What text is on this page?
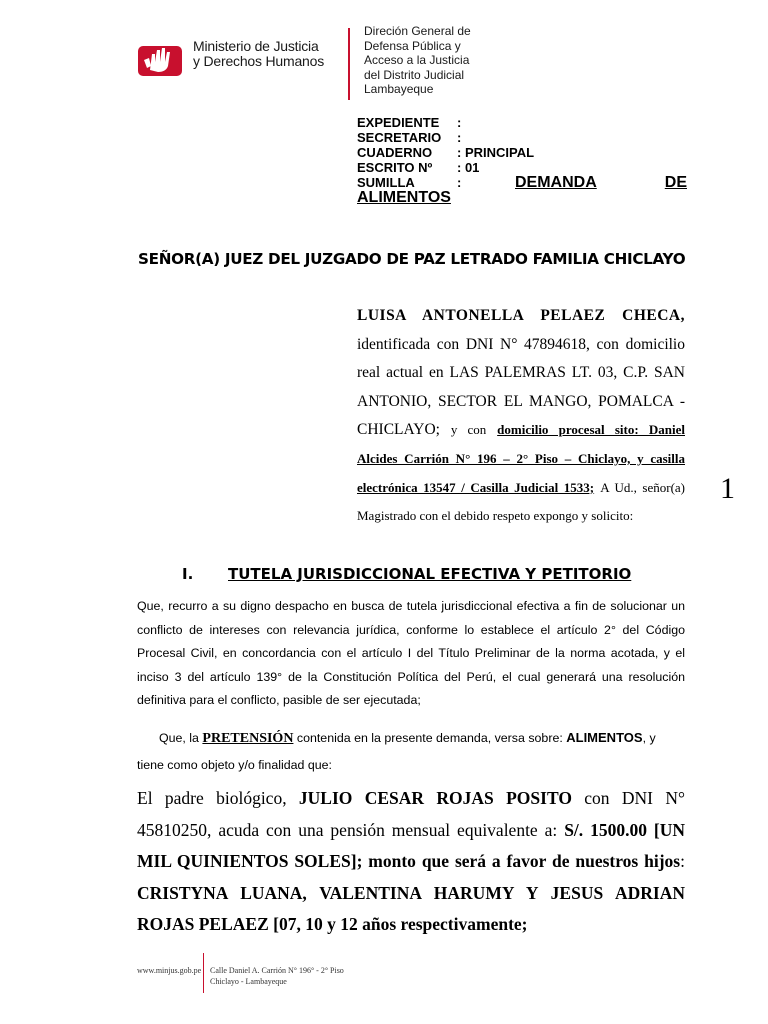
Ministerio de Justicia
y Derechos Humanos
Direción General de
Defensa Pública y
Acceso a la Justicia
del Distrito Judicial
Lambayeque
EXPEDIENTE	:
SECRETARIO	:
CUADERNO	: PRINCIPAL
ESCRITO Nº	: 01
SUMILLA	:	DEMANDA	DE
ALIMENTOS
SEÑOR(A) JUEZ DEL JUZGADO DE PAZ LETRADO FAMILIA CHICLAYO
LUISA ANTONELLA PELAEZ CHECA, identificada con DNI N° 47894618, con domicilio real actual en LAS PALEMRAS LT. 03, C.P. SAN ANTONIO, SECTOR EL MANGO, POMALCA - CHICLAYO; y con domicilio procesal sito: Daniel Alcides Carrión N° 196 – 2° Piso – Chiclayo, y casilla electrónica 13547 / Casilla Judicial 1533; A Ud., señor(a) Magistrado con el debido respeto expongo y solicito:
1
I. TUTELA JURISDICCIONAL EFECTIVA Y PETITORIO
Que, recurro a su digno despacho en busca de tutela jurisdiccional efectiva a fin de solucionar un conflicto de intereses con relevancia jurídica, conforme lo establece el artículo 2° del Código Procesal Civil, en concordancia con el artículo I del Título Preliminar de la norma acotada, y el inciso 3 del artículo 139° de la Constitución Política del Perú, el cual generará una resolución definitiva para el conflicto, pasible de ser ejecutada;
Que, la PRETENSIÓN contenida en la presente demanda, versa sobre: ALIMENTOS, y tiene como objeto y/o finalidad que:
El padre biológico, JULIO CESAR ROJAS POSITO con DNI N° 45810250, acuda con una pensión mensual equivalente a: S/. 1500.00 [UN MIL QUINIENTOS SOLES]; monto que será a favor de nuestros hijos: CRISTYNA LUANA, VALENTINA HARUMY Y JESUS ADRIAN ROJAS PELAEZ [07, 10 y 12 años respectivamente;
www.minjus.gob.pe Calle Daniel A. Carrión N° 196° - 2° Piso
Chiclayo - Lambayeque
